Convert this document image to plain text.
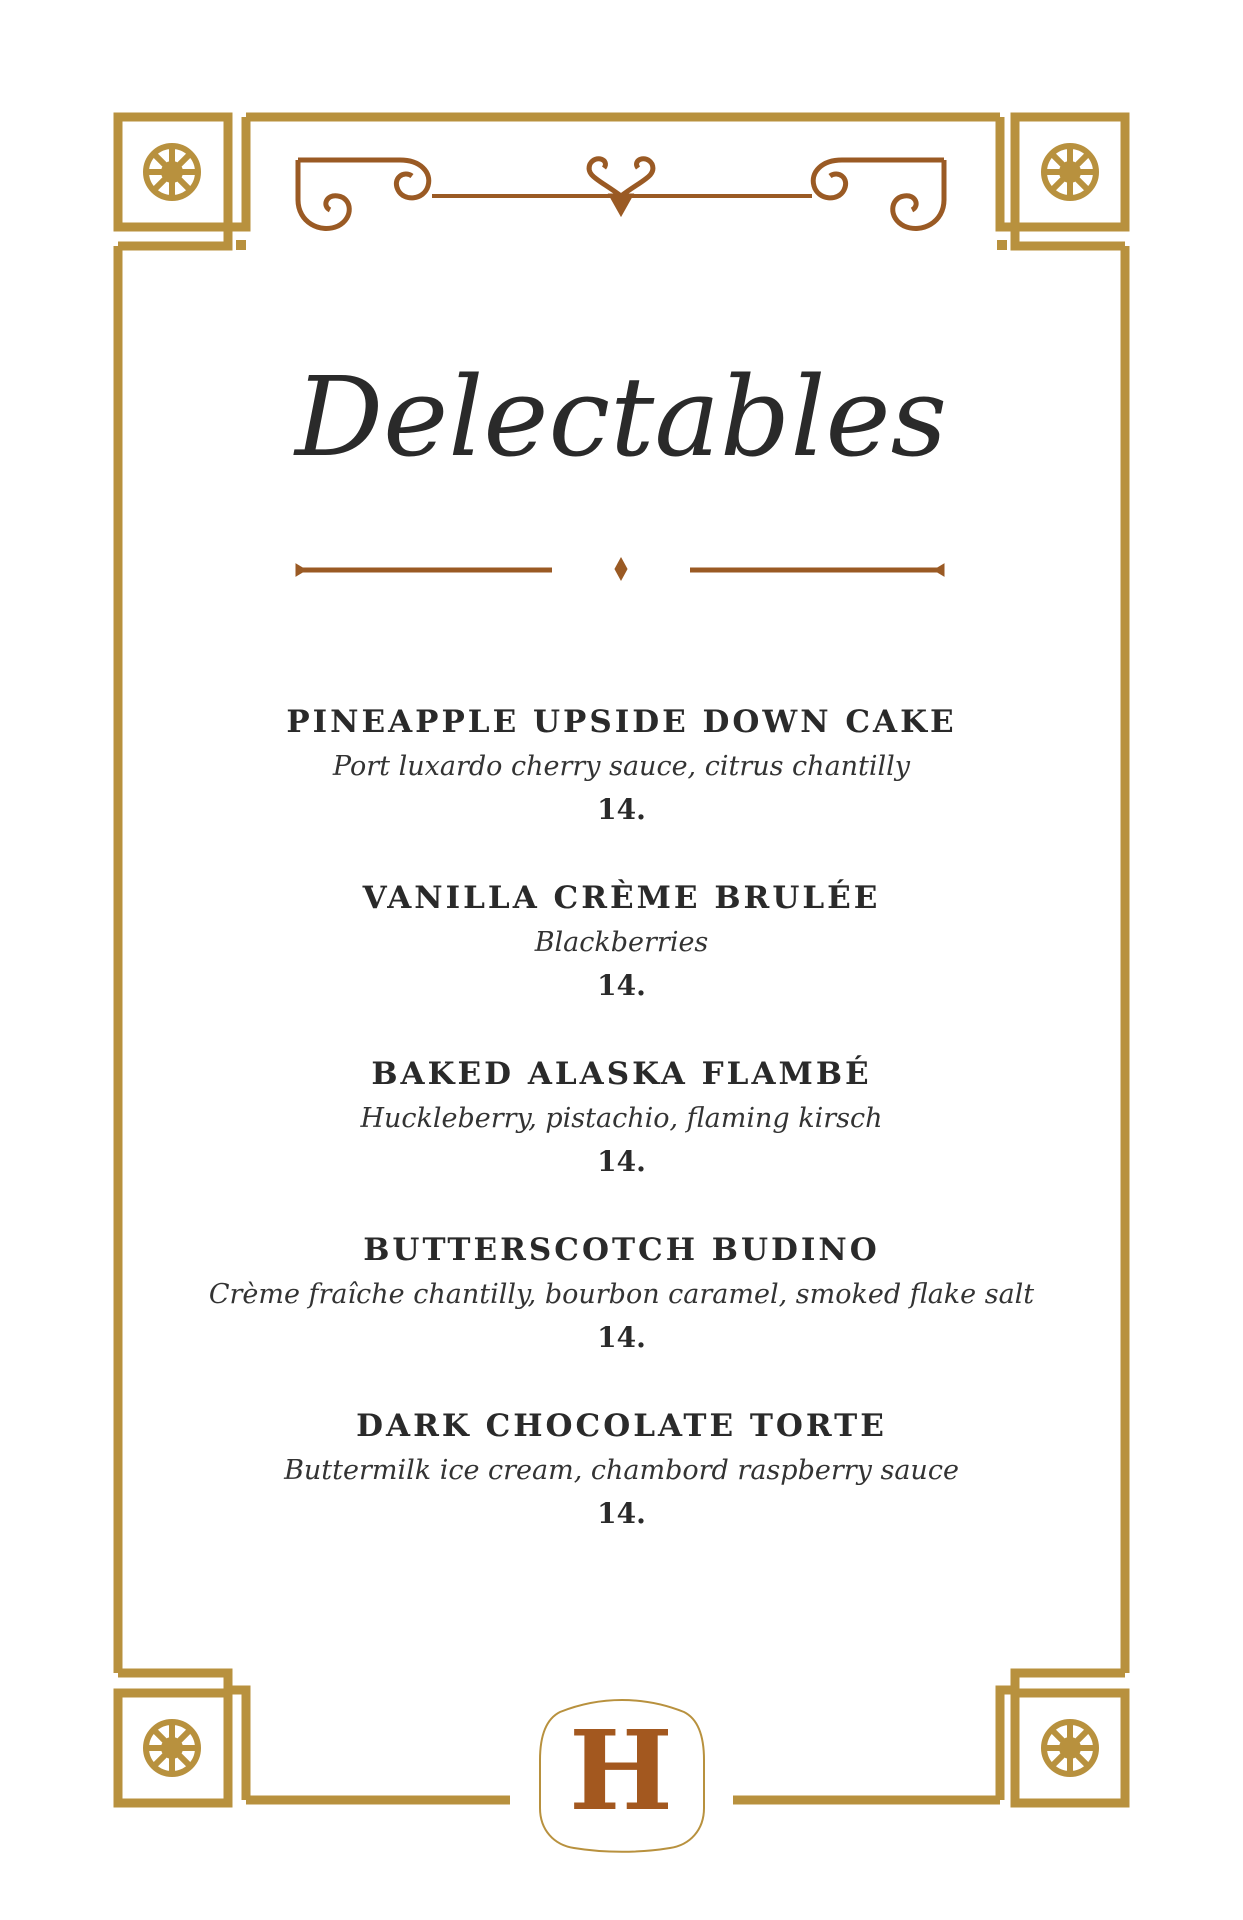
Delectables
PINEAPPLE UPSIDE DOWN CAKE
Port luxardo cherry sauce, citrus chantilly
14.
VANILLA CRÈME BRULÉE
Blackberries
14.
BAKED ALASKA FLAMBÉ
Huckleberry, pistachio, flaming kirsch
14.
BUTTERSCOTCH BUDINO
Crème fraîche chantilly, bourbon caramel, smoked flake salt
14.
DARK CHOCOLATE TORTE
Buttermilk ice cream, chambord raspberry sauce
14.
H
